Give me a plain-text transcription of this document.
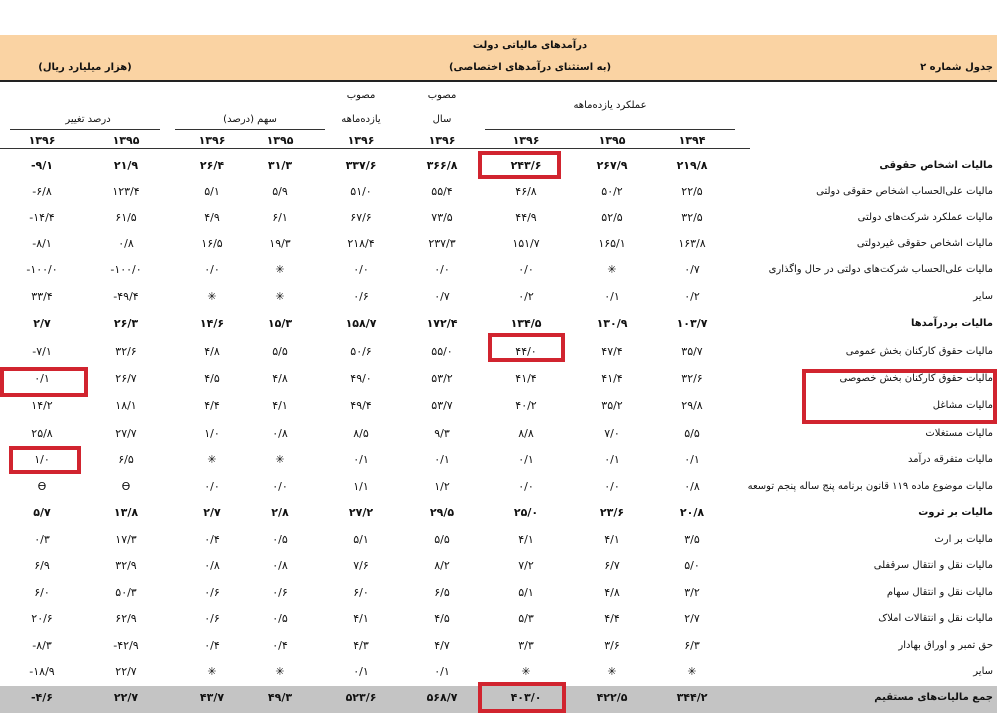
درآمدهای مالیاتی دولت
(به استثنای درآمدهای اختصاصی)
(هزار میلیارد ریال)	جدول شماره ۲
درصد تغییر	سهم (درصد)
مصوب
یازده‌ماهه
مصوب
سال
عملکرد یازده‌ماهه
۱۳۹۶	۱۳۹۵	۱۳۹۶	۱۳۹۵	۱۳۹۶	۱۳۹۶	۱۳۹۶	۱۳۹۵	۱۳۹۴
مالیات اشخاص حقوقی
-۹/۱	۲۱/۹	۲۶/۴	۳۱/۳	۳۳۷/۶	۳۶۶/۸	۲۴۳/۶	۲۶۷/۹	۲۱۹/۸
مالیات علی‌الحساب اشخاص حقوقی دولتی
-۶/۸	۱۲۳/۴	۵/۱	۵/۹	۵۱/۰	۵۵/۴	۴۶/۸	۵۰/۲	۲۲/۵
مالیات عملکرد شرکت‌های دولتی
-۱۴/۴	۶۱/۵	۴/۹	۶/۱	۶۷/۶	۷۳/۵	۴۴/۹	۵۲/۵	۳۲/۵
مالیات اشخاص حقوقی غیردولتی
-۸/۱	۰/۸	۱۶/۵	۱۹/۳	۲۱۸/۴	۲۳۷/۳	۱۵۱/۷	۱۶۵/۱	۱۶۳/۸
مالیات علی‌الحساب شرکت‌های دولتی در حال واگذاری
-۱۰۰/۰	-۱۰۰/۰	۰/۰	✳	۰/۰	۰/۰	۰/۰	✳	۰/۷
سایر
۳۳/۴	-۴۹/۴	✳	✳	۰/۶	۰/۷	۰/۲	۰/۱	۰/۲
مالیات بردرآمدها
۲/۷	۲۶/۳	۱۴/۶	۱۵/۳	۱۵۸/۷	۱۷۲/۴	۱۳۴/۵	۱۳۰/۹	۱۰۳/۷
مالیات حقوق کارکنان بخش عمومی
-۷/۱	۳۲/۶	۴/۸	۵/۵	۵۰/۶	۵۵/۰	۴۴/۰	۴۷/۴	۳۵/۷
مالیات حقوق کارکنان بخش خصوصی
۰/۱	۲۶/۷	۴/۵	۴/۸	۴۹/۰	۵۳/۲	۴۱/۴	۴۱/۴	۳۲/۶
مالیات مشاغل
۱۴/۲	۱۸/۱	۴/۴	۴/۱	۴۹/۴	۵۳/۷	۴۰/۲	۳۵/۲	۲۹/۸
مالیات مستغلات
۲۵/۸	۲۷/۷	۱/۰	۰/۸	۸/۵	۹/۳	۸/۸	۷/۰	۵/۵
مالیات متفرقه درآمد
۱/۰	۶/۵	✳	✳	۰/۱	۰/۱	۰/۱	۰/۱	۰/۱
مالیات موضوع ماده ۱۱۹ قانون برنامه پنج ساله پنجم توسعه
ϴ	ϴ	۰/۰	۰/۰	۱/۱	۱/۲	۰/۰	۰/۰	۰/۸
مالیات بر ثروت
۵/۷	۱۳/۸	۲/۷	۲/۸	۲۷/۲	۲۹/۵	۲۵/۰	۲۳/۶	۲۰/۸
مالیات بر ارث
۰/۳	۱۷/۳	۰/۴	۰/۵	۵/۱	۵/۵	۴/۱	۴/۱	۳/۵
مالیات نقل و انتقال سرقفلی
۶/۹	۳۲/۹	۰/۸	۰/۸	۷/۶	۸/۲	۷/۲	۶/۷	۵/۰
مالیات نقل و انتقال سهام
۶/۰	۵۰/۳	۰/۶	۰/۶	۶/۰	۶/۵	۵/۱	۴/۸	۳/۲
مالیات نقل و انتقالات املاک
۲۰/۶	۶۲/۹	۰/۶	۰/۵	۴/۱	۴/۵	۵/۳	۴/۴	۲/۷
حق تمبر و اوراق بهادار
-۸/۳	-۴۲/۹	۰/۴	۰/۴	۴/۳	۴/۷	۳/۳	۳/۶	۶/۳
سایر
-۱۸/۹	۲۲/۷	✳	✳	۰/۱	۰/۱	✳	✳	✳
جمع مالیات‌های مستقیم
-۴/۶	۲۲/۷	۴۳/۷	۴۹/۳	۵۲۳/۶	۵۶۸/۷	۴۰۳/۰	۴۲۲/۵	۳۴۴/۲
